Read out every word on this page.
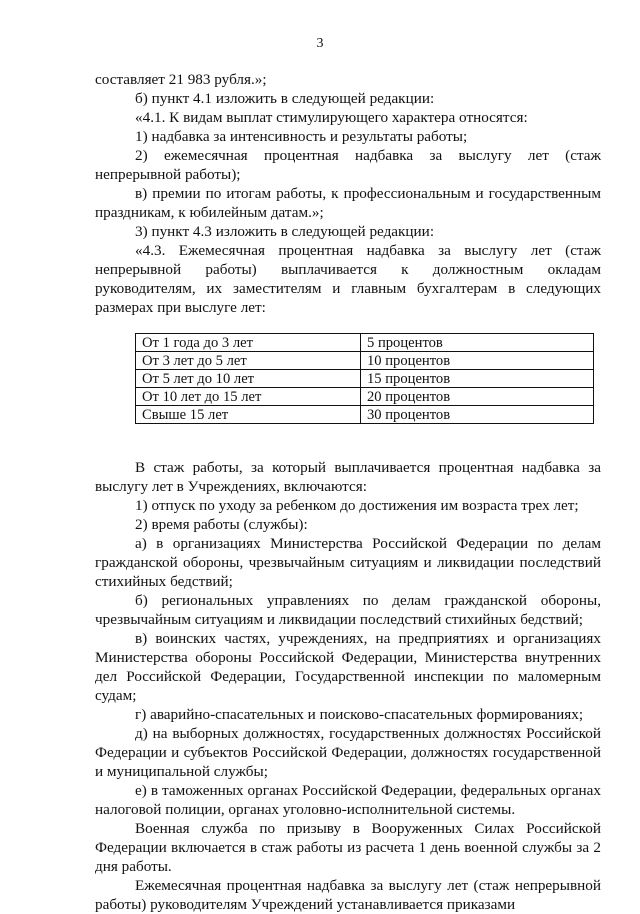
3

составляет 21 983 рубля.»;

б) пункт 4.1 изложить в следующей редакции:

«4.1. К видам выплат стимулирующего характера относятся:

1) надбавка за интенсивность и результаты работы;

2) ежемесячная процентная надбавка за выслугу лет (стаж непрерывной работы);

в) премии по итогам работы, к профессиональным и государственным праздникам, к юбилейным датам.»;

3) пункт 4.3 изложить в следующей редакции:

«4.3. Ежемесячная процентная надбавка за выслугу лет (стаж непрерывной работы) выплачивается к должностным окладам руководителям, их заместителям и главным бухгалтерам в следующих размерах при выслуге лет:

От 1 года до 3 лет	5 процентов
От 3 лет до 5 лет	10 процентов
От 5 лет до 10 лет	15 процентов
От 10 лет до 15 лет	20 процентов
Свыше 15 лет	30 процентов

В стаж работы, за который выплачивается процентная надбавка за выслугу лет в Учреждениях, включаются:

1) отпуск по уходу за ребенком до достижения им возраста трех лет;

2) время работы (службы):

а) в организациях Министерства Российской Федерации по делам гражданской обороны, чрезвычайным ситуациям и ликвидации последствий стихийных бедствий;

б) региональных управлениях по делам гражданской обороны, чрезвычайным ситуациям и ликвидации последствий стихийных бедствий;

в) воинских частях, учреждениях, на предприятиях и организациях Министерства обороны Российской Федерации, Министерства внутренних дел Российской Федерации, Государственной инспекции по маломерным судам;

г) аварийно-спасательных и поисково-спасательных формированиях;

д) на выборных должностях, государственных должностях Российской Федерации и субъектов Российской Федерации, должностях государственной и муниципальной службы;

е) в таможенных органах Российской Федерации, федеральных органах налоговой полиции, органах уголовно-исполнительной системы.

Военная служба по призыву в Вооруженных Силах Российской Федерации включается в стаж работы из расчета 1 день военной службы за 2 дня работы.

Ежемесячная процентная надбавка за выслугу лет (стаж непрерывной работы) руководителям Учреждений устанавливается приказами
